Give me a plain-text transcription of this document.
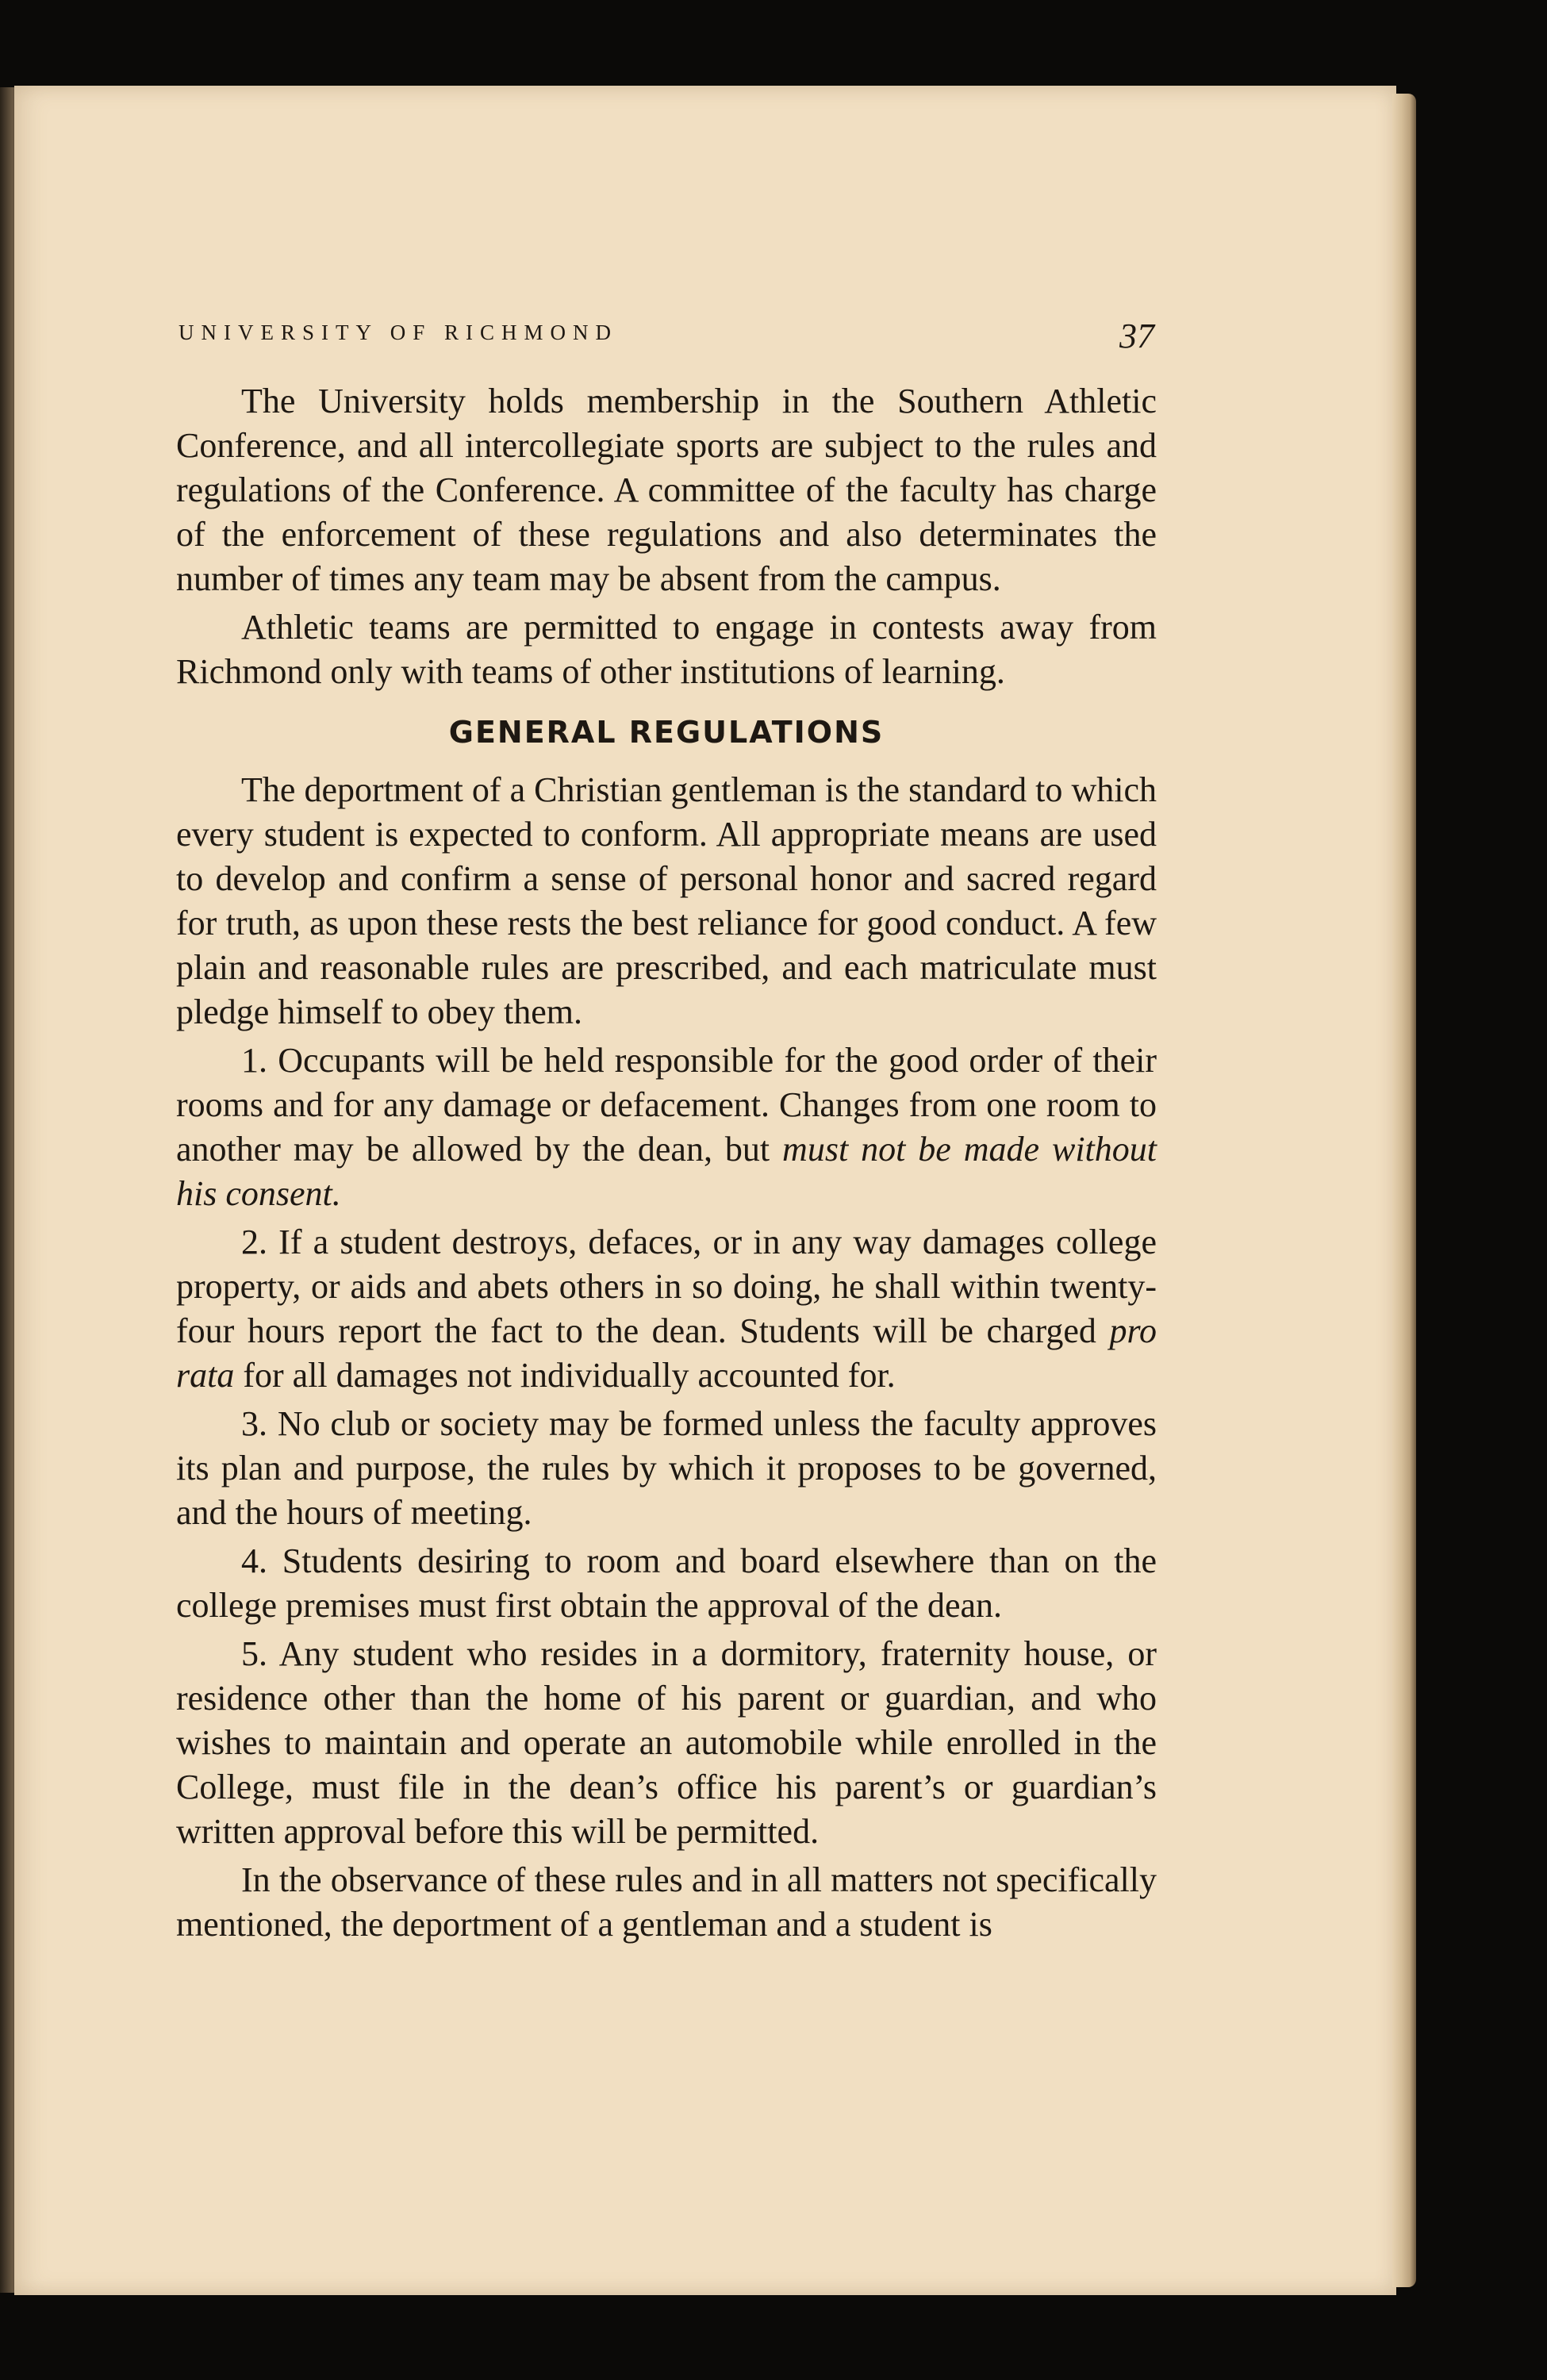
UNIVERSITY OF RICHMOND	37

The University holds membership in the Southern Athletic Conference, and all intercollegiate sports are subject to the rules and regulations of the Conference. A committee of the faculty has charge of the enforcement of these regulations and also determinates the number of times any team may be absent from the campus.

Athletic teams are permitted to engage in contests away from Richmond only with teams of other institutions of learning.

GENERAL REGULATIONS

The deportment of a Christian gentleman is the standard to which every student is expected to conform. All appropriate means are used to develop and confirm a sense of personal honor and sacred regard for truth, as upon these rests the best reliance for good conduct. A few plain and reasonable rules are prescribed, and each matriculate must pledge himself to obey them.

1. Occupants will be held responsible for the good order of their rooms and for any damage or defacement. Changes from one room to another may be allowed by the dean, but must not be made without his consent.

2. If a student destroys, defaces, or in any way damages college property, or aids and abets others in so doing, he shall within twenty-four hours report the fact to the dean. Students will be charged pro rata for all damages not individually accounted for.

3. No club or society may be formed unless the faculty approves its plan and purpose, the rules by which it proposes to be governed, and the hours of meeting.

4. Students desiring to room and board elsewhere than on the college premises must first obtain the approval of the dean.

5. Any student who resides in a dormitory, fraternity house, or residence other than the home of his parent or guardian, and who wishes to maintain and operate an automobile while enrolled in the College, must file in the dean’s office his parent’s or guardian’s written approval before this will be permitted.

In the observance of these rules and in all matters not specifically mentioned, the deportment of a gentleman and a student is
